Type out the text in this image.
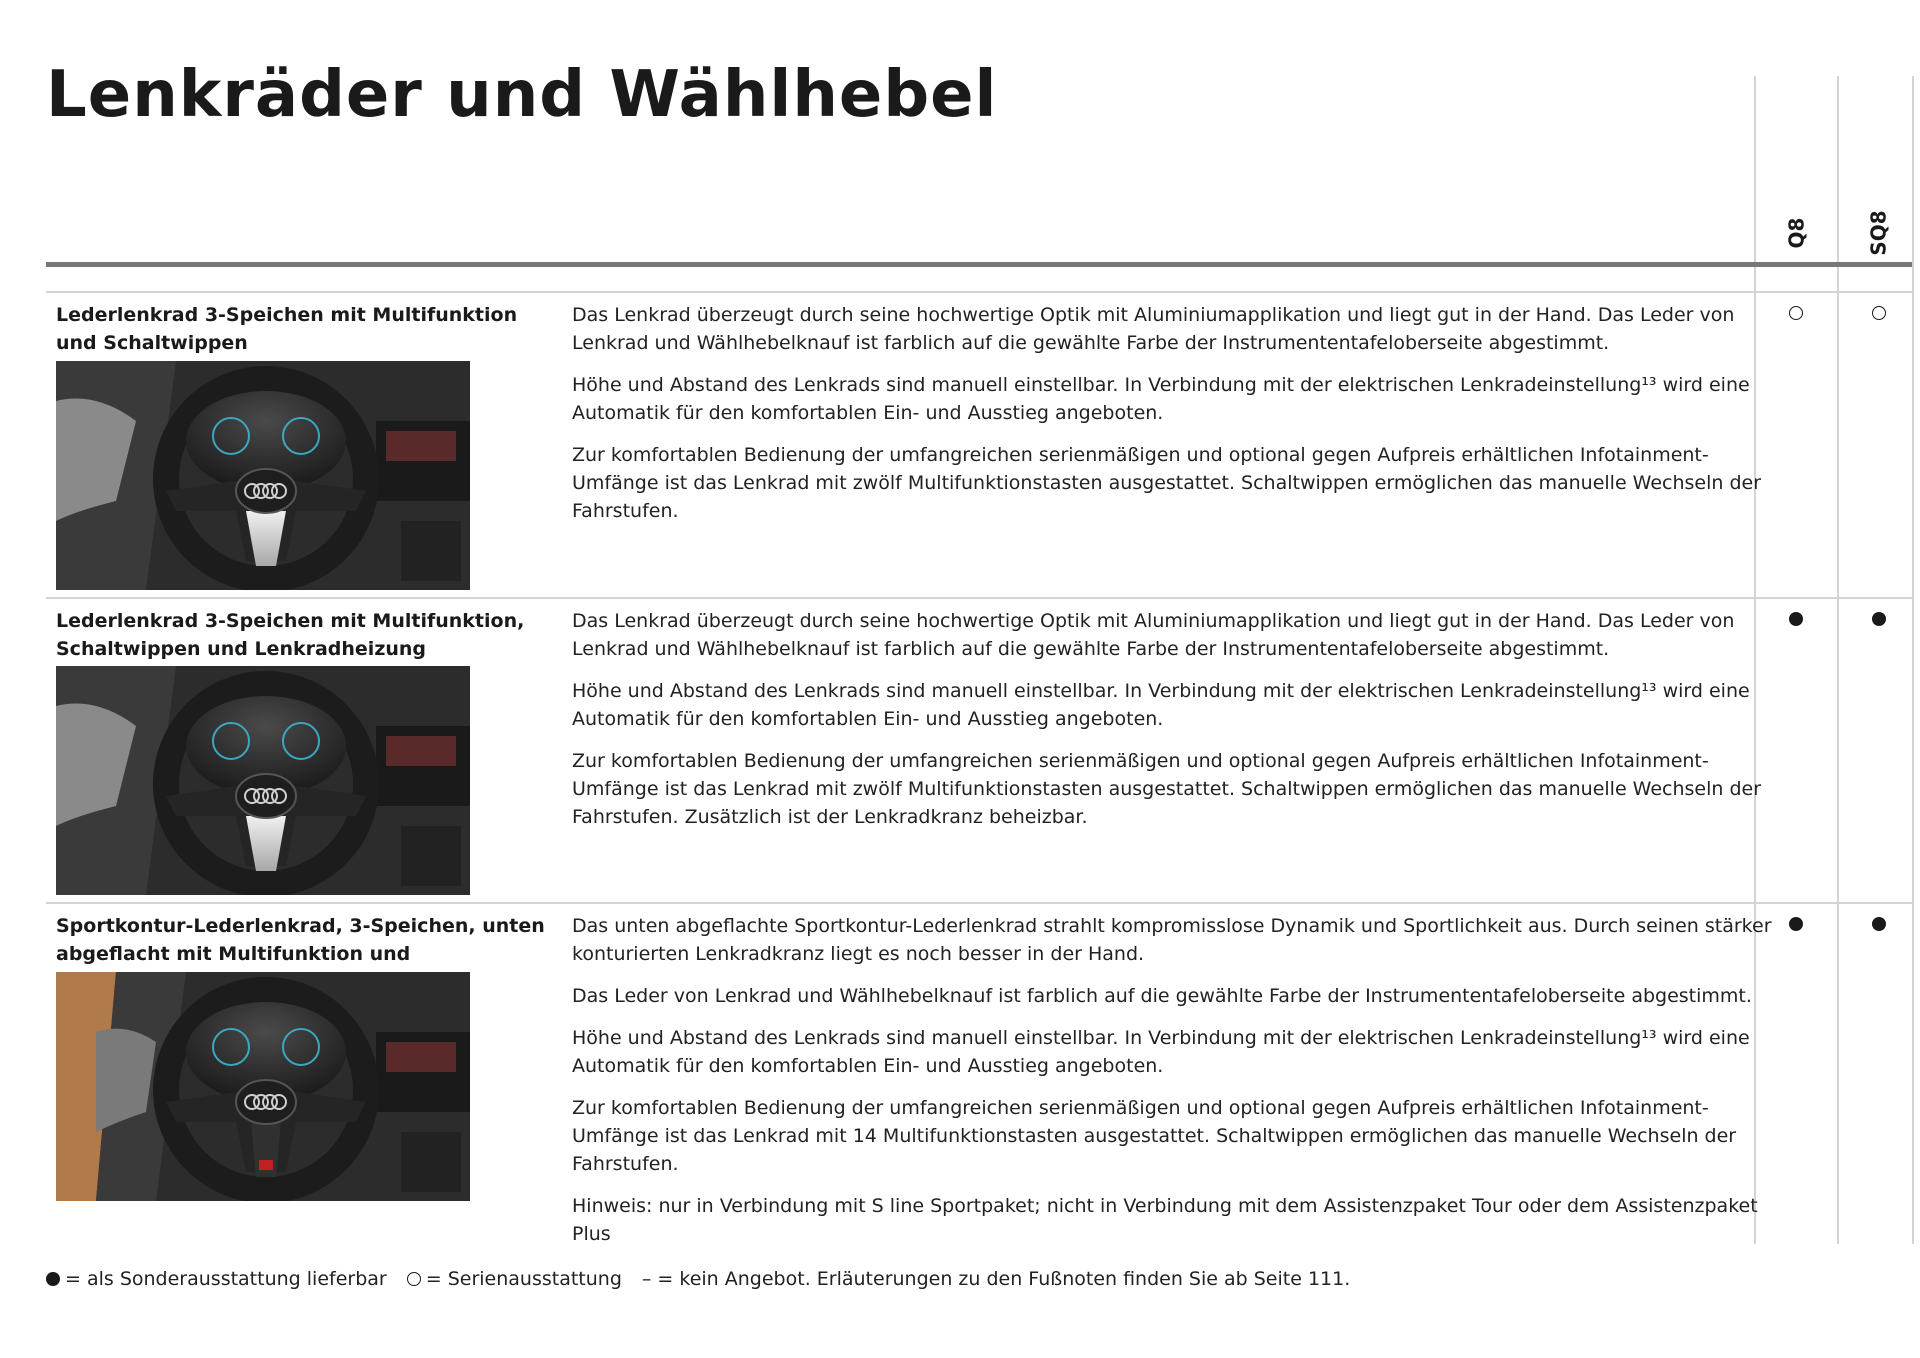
Lenkräder und Wählhebel
Q8	SQ8
Lederlenkrad 3-Speichen mit Multifunktion und Schaltwippen

Das Lenkrad überzeugt durch seine hochwertige Optik mit Aluminiumapplikation und liegt gut in der Hand. Das Leder von Lenkrad und Wählhebelknauf ist farblich auf die gewählte Farbe der Instrumententafeloberseite abgestimmt.

Höhe und Abstand des Lenkrads sind manuell einstellbar. In Verbindung mit der elektrischen Lenkradeinstellung¹³ wird eine Automatik für den komfortablen Ein- und Ausstieg angeboten.

Zur komfortablen Bedienung der umfangreichen serienmäßigen und optional gegen Aufpreis erhältlichen Infotainment-Umfänge ist das Lenkrad mit zwölf Multifunktionstasten ausgestattet. Schaltwippen ermöglichen das manuelle Wechseln der Fahrstufen.

Lederlenkrad 3-Speichen mit Multifunktion, Schaltwippen und Lenkradheizung

Das Lenkrad überzeugt durch seine hochwertige Optik mit Aluminiumapplikation und liegt gut in der Hand. Das Leder von Lenkrad und Wählhebelknauf ist farblich auf die gewählte Farbe der Instrumententafeloberseite abgestimmt.

Höhe und Abstand des Lenkrads sind manuell einstellbar. In Verbindung mit der elektrischen Lenkradeinstellung¹³ wird eine Automatik für den komfortablen Ein- und Ausstieg angeboten.

Zur komfortablen Bedienung der umfangreichen serienmäßigen und optional gegen Aufpreis erhältlichen Infotainment-Umfänge ist das Lenkrad mit zwölf Multifunktionstasten ausgestattet. Schaltwippen ermöglichen das manuelle Wechseln der Fahrstufen. Zusätzlich ist der Lenkradkranz beheizbar.

Sportkontur-Lederlenkrad, 3-Speichen, unten abgeflacht mit Multifunktion und

Das unten abgeflachte Sportkontur-Lederlenkrad strahlt kompromisslose Dynamik und Sportlichkeit aus. Durch seinen stärker konturierten Lenkradkranz liegt es noch besser in der Hand.

Das Leder von Lenkrad und Wählhebelknauf ist farblich auf die gewählte Farbe der Instrumententafeloberseite abgestimmt.

Höhe und Abstand des Lenkrads sind manuell einstellbar. In Verbindung mit der elektrischen Lenkradeinstellung¹³ wird eine Automatik für den komfortablen Ein- und Ausstieg angeboten.

Zur komfortablen Bedienung der umfangreichen serienmäßigen und optional gegen Aufpreis erhältlichen Infotainment-Umfänge ist das Lenkrad mit 14 Multifunktionstasten ausgestattet. Schaltwippen ermöglichen das manuelle Wechseln der Fahrstufen.

Hinweis: nur in Verbindung mit S line Sportpaket; nicht in Verbindung mit dem Assistenzpaket Tour oder dem Assistenzpaket Plus

= als Sonderausstattung lieferbar = Serienausstattung – = kein Angebot. Erläuterungen zu den Fußnoten finden Sie ab Seite 111.
